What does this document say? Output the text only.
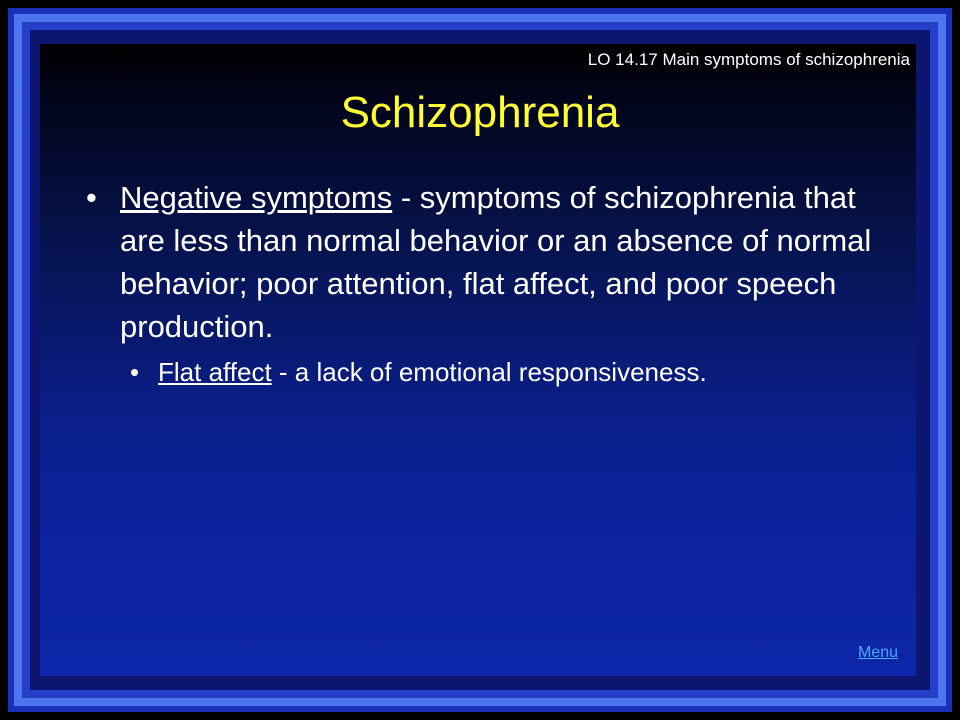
LO 14.17 Main symptoms of schizophrenia
Schizophrenia
• Negative symptoms - symptoms of schizophrenia that are less than normal behavior or an absence of normal behavior; poor attention, flat affect, and poor speech production.
• Flat affect - a lack of emotional responsiveness.
Menu
